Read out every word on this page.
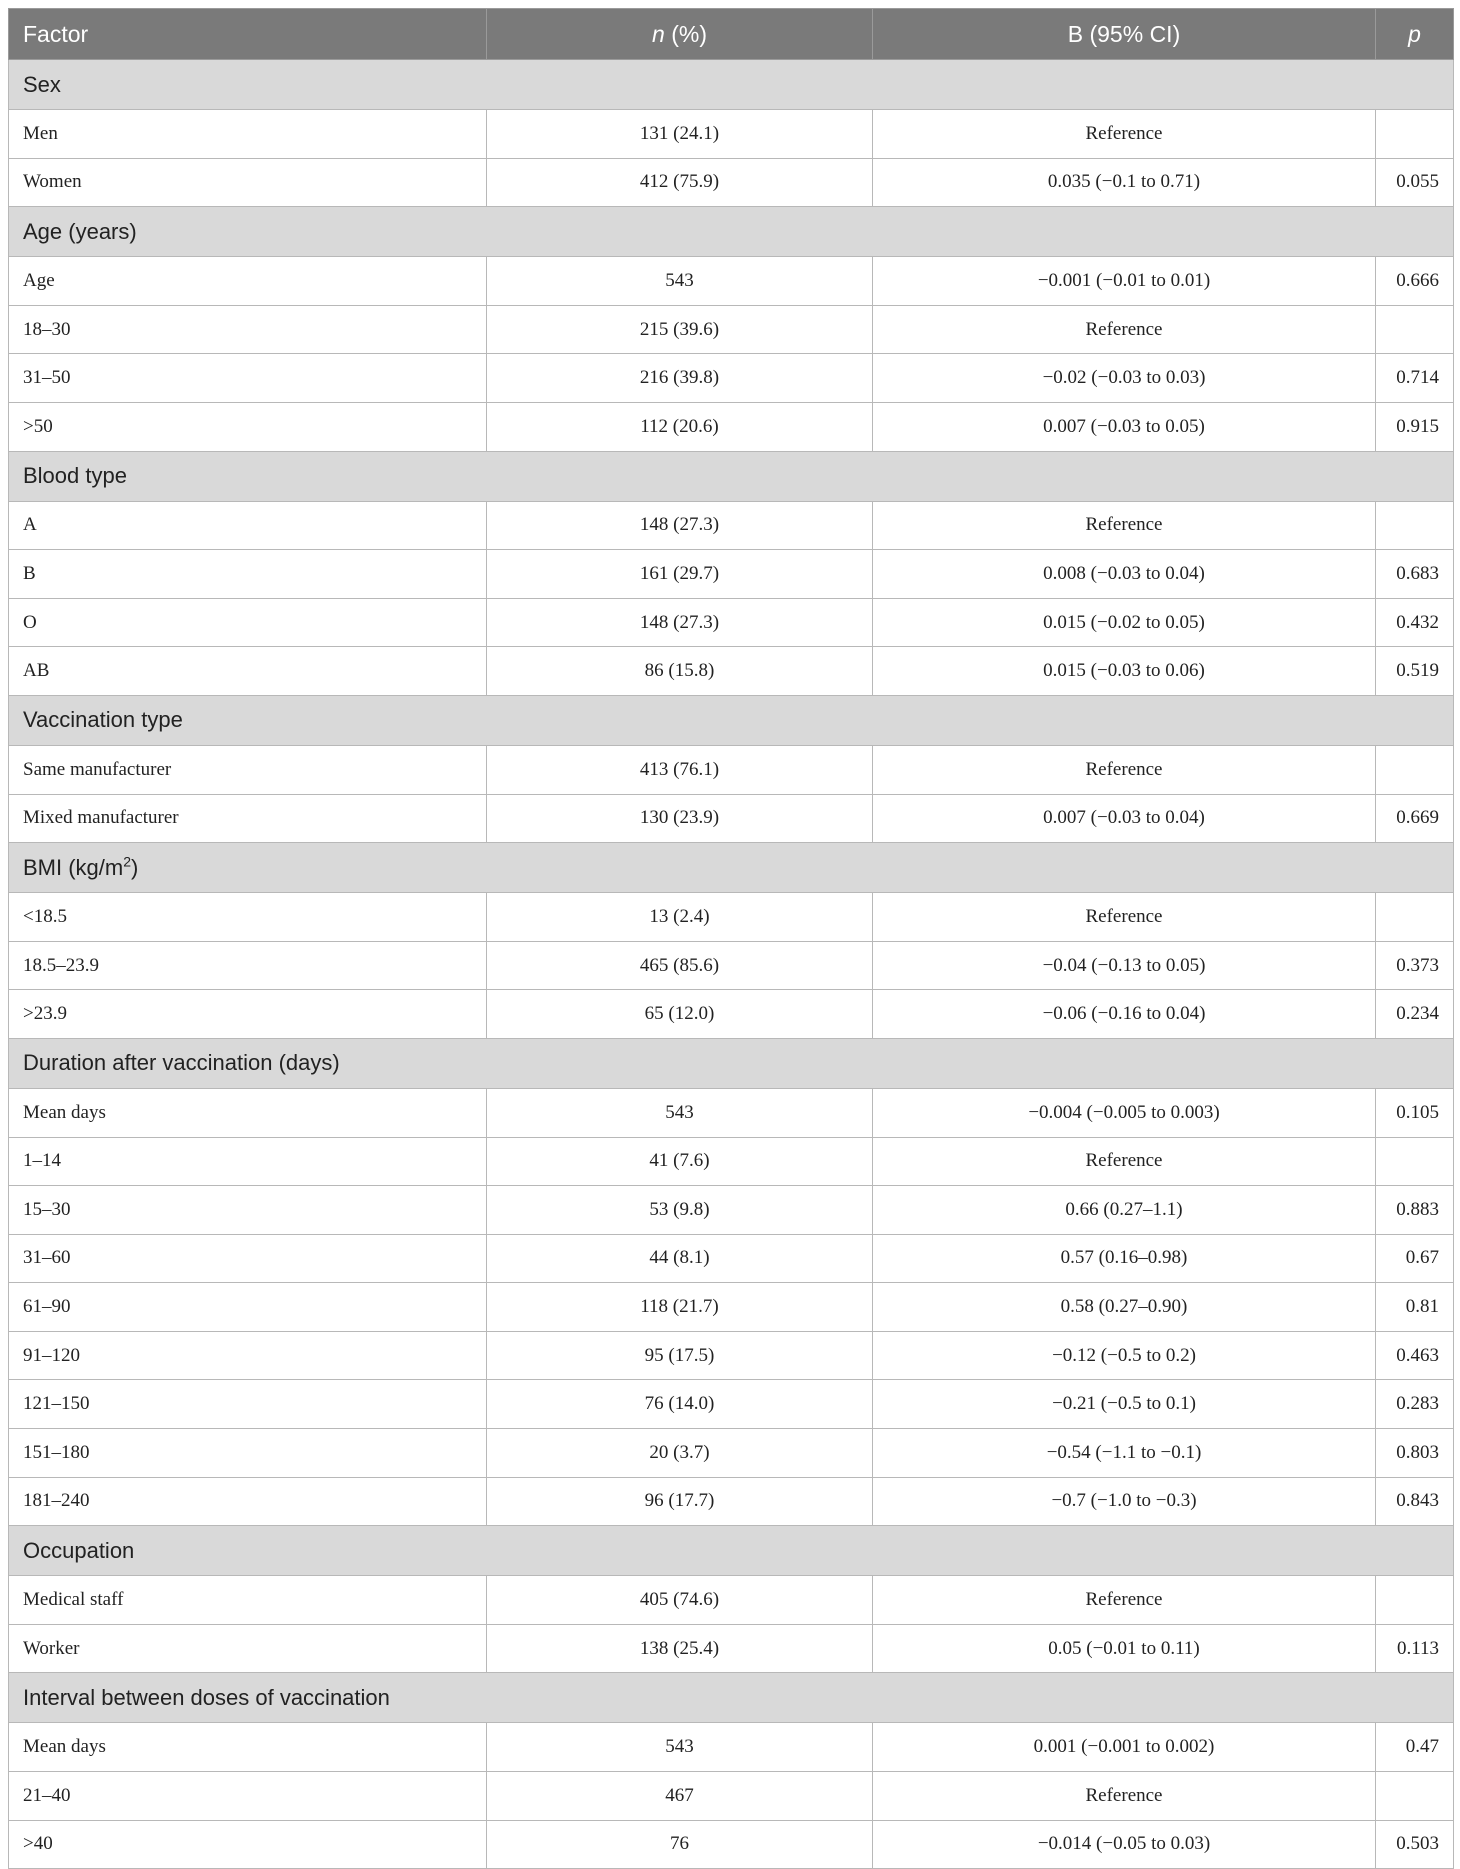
Factor	n (%)	B (95% CI)	p
Sex			
Men	131 (24.1)	Reference	
Women	412 (75.9)	0.035 (−0.1 to 0.71)	0.055
Age (years)			
Age	543	−0.001 (−0.01 to 0.01)	0.666
18–30	215 (39.6)	Reference	
31–50	216 (39.8)	−0.02 (−0.03 to 0.03)	0.714
>50	112 (20.6)	0.007 (−0.03 to 0.05)	0.915
Blood type			
A	148 (27.3)	Reference	
B	161 (29.7)	0.008 (−0.03 to 0.04)	0.683
O	148 (27.3)	0.015 (−0.02 to 0.05)	0.432
AB	86 (15.8)	0.015 (−0.03 to 0.06)	0.519
Vaccination type			
Same manufacturer	413 (76.1)	Reference	
Mixed manufacturer	130 (23.9)	0.007 (−0.03 to 0.04)	0.669
BMI $(kg/m^2)$			
<18.5	13 (2.4)	Reference	
18.5–23.9	465 (85.6)	−0.04 (−0.13 to 0.05)	0.373
>23.9	65 (12.0)	−0.06 (−0.16 to 0.04)	0.234
Duration after vaccination (days)			
Mean days	543	−0.004 (−0.005 to 0.003)	0.105
1–14	41 (7.6)	Reference	
15–30	53 (9.8)	0.66 (0.27–1.1)	0.883
31–60	44 (8.1)	0.57 (0.16–0.98)	0.67
61–90	118 (21.7)	0.58 (0.27–0.90)	0.81
91–120	95 (17.5)	−0.12 (−0.5 to 0.2)	0.463
121–150	76 (14.0)	−0.21 (−0.5 to 0.1)	0.283
151–180	20 (3.7)	−0.54 (−1.1 to −0.1)	0.803
181–240	96 (17.7)	−0.7 (−1.0 to −0.3)	0.843
Occupation			
Medical staff	405 (74.6)	Reference	
Worker	138 (25.4)	0.05 (−0.01 to 0.11)	0.113
Interval between doses of vaccination			
Mean days	543	0.001 (−0.001 to 0.002)	0.47
21–40	467	Reference	
>40	76	−0.014 (−0.05 to 0.03)	0.503
